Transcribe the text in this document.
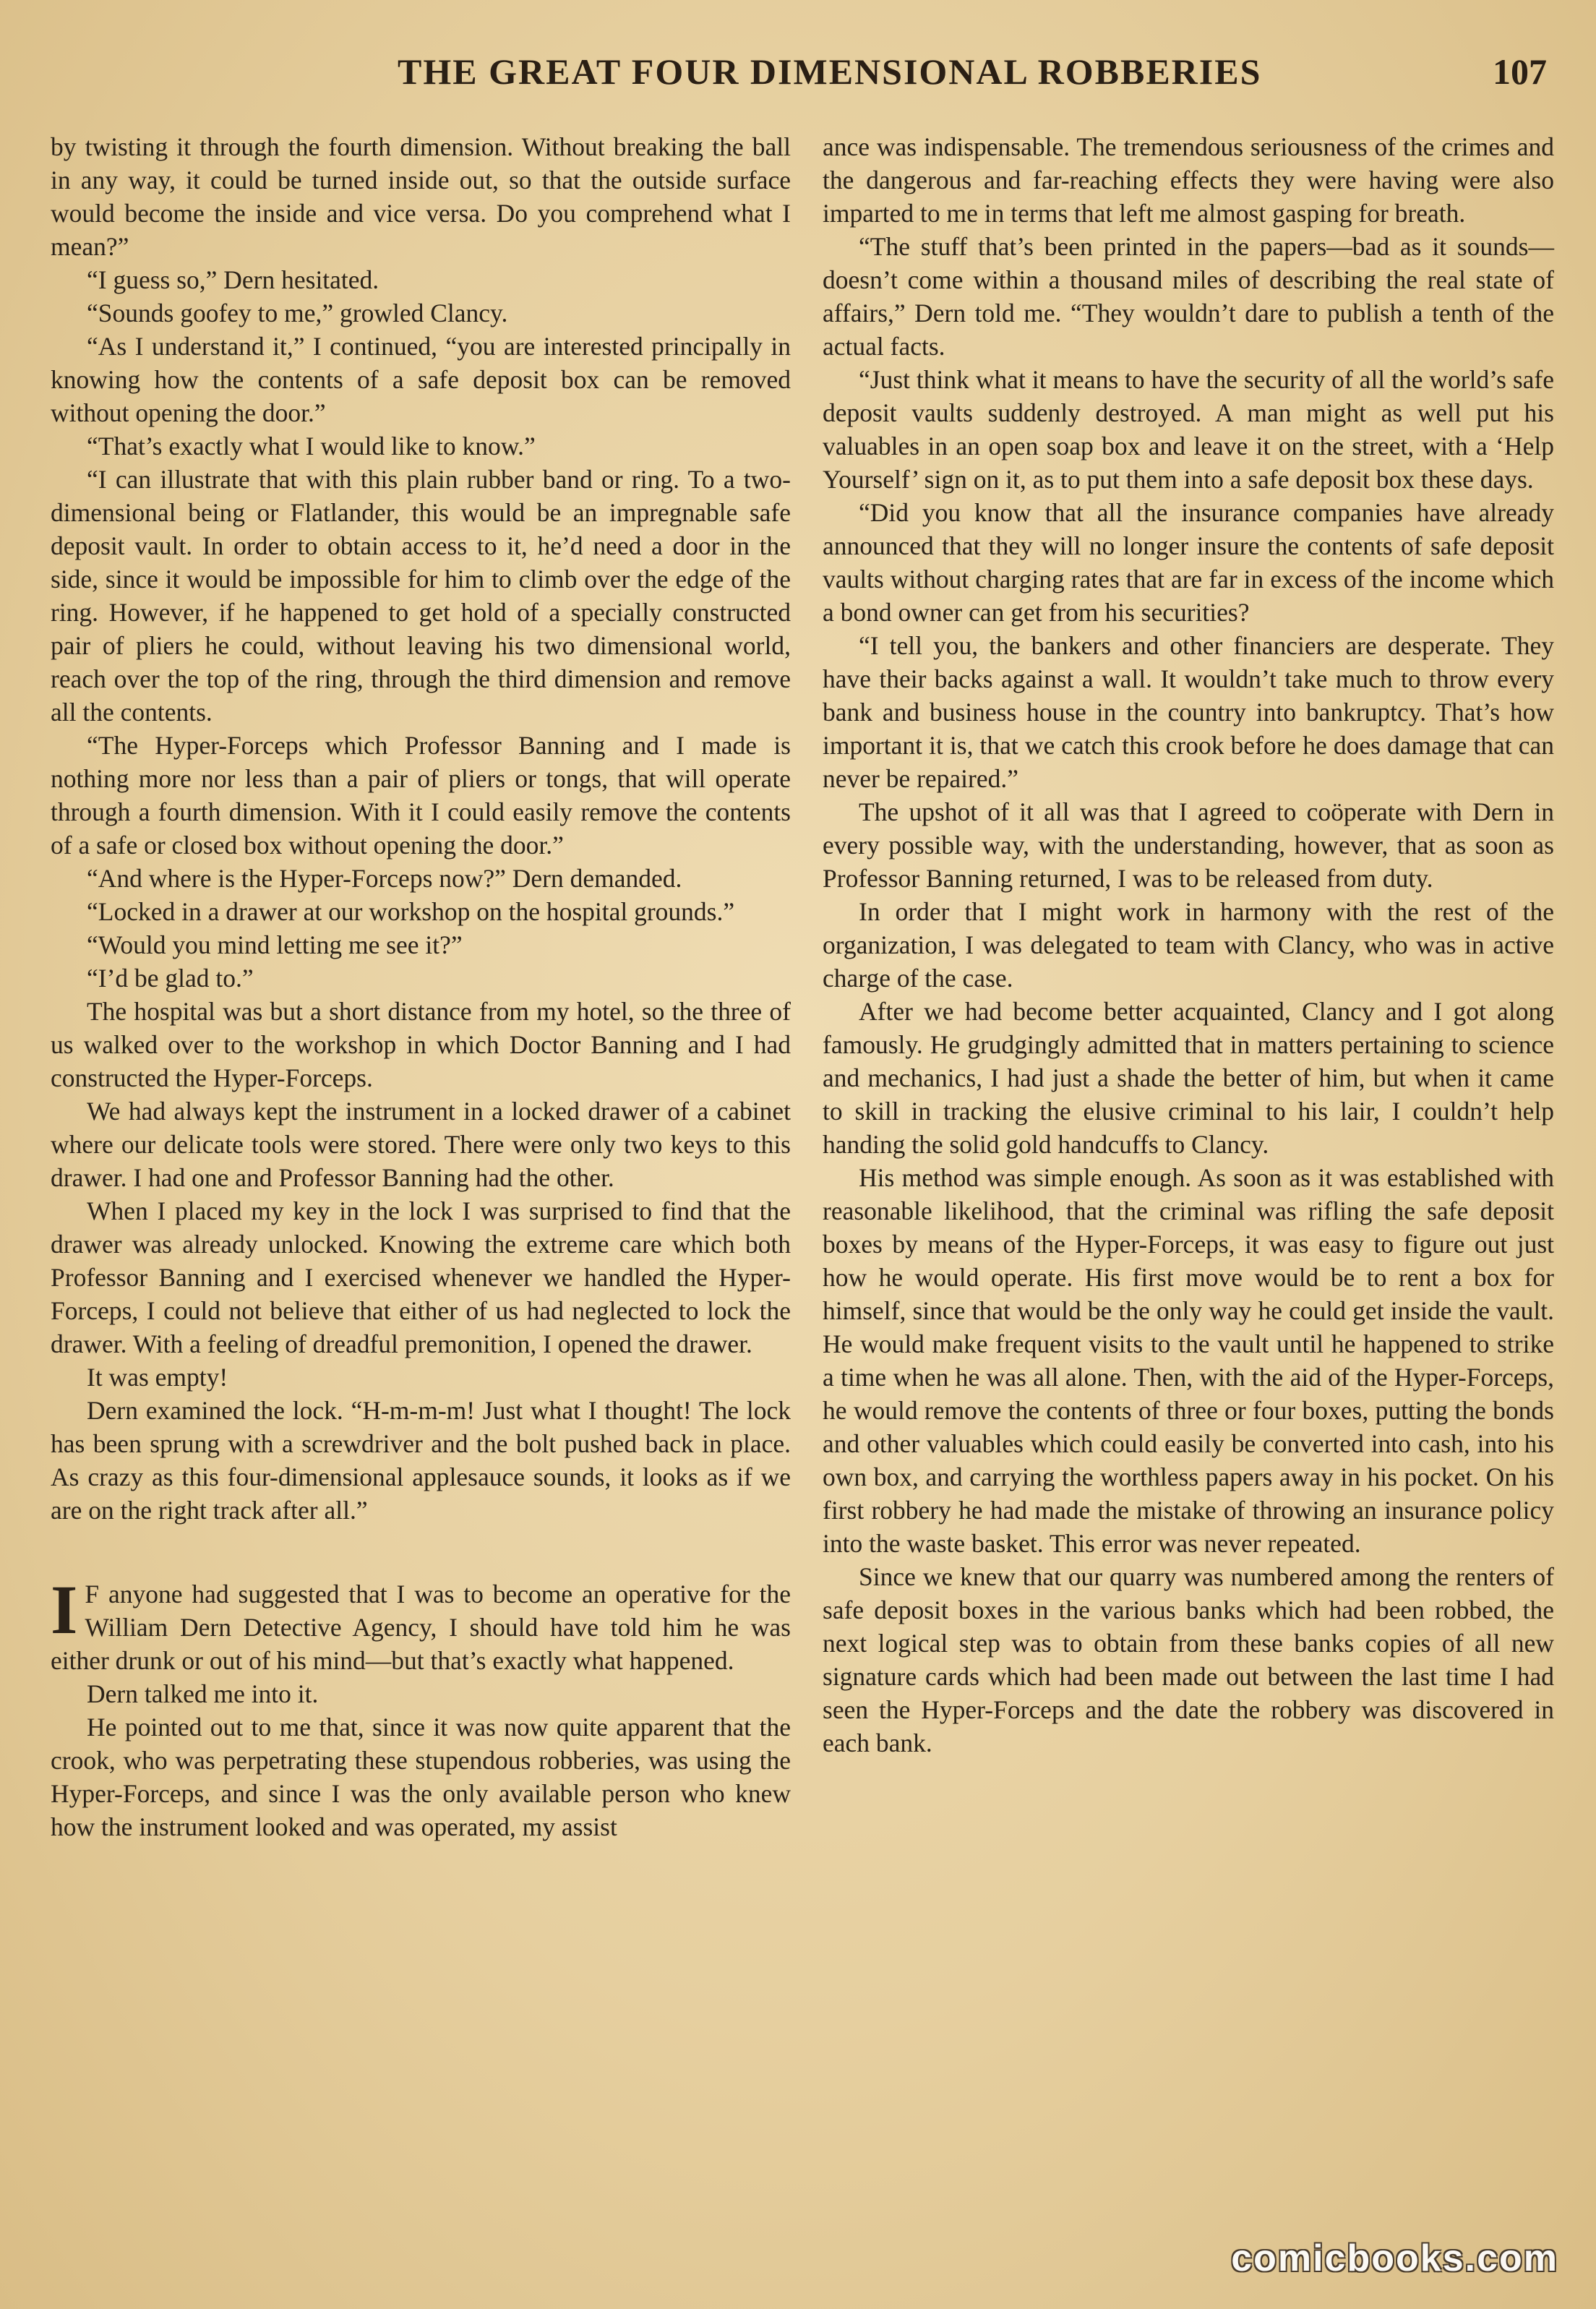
THE GREAT FOUR DIMENSIONAL ROBBERIES	107

by twisting it through the fourth dimension. Without breaking the ball in any way, it could be turned inside out, so that the outside surface would become the inside and vice versa. Do you comprehend what I mean?”

“I guess so,” Dern hesitated.

“Sounds goofey to me,” growled Clancy.

“As I understand it,” I continued, “you are interested principally in knowing how the contents of a safe deposit box can be removed without opening the door.”

“That’s exactly what I would like to know.”

“I can illustrate that with this plain rubber band or ring. To a two-dimensional being or Flatlander, this would be an impregnable safe deposit vault. In order to obtain access to it, he’d need a door in the side, since it would be impossible for him to climb over the edge of the ring. However, if he happened to get hold of a specially constructed pair of pliers he could, without leaving his two dimensional world, reach over the top of the ring, through the third dimension and remove all the contents.

“The Hyper-Forceps which Professor Banning and I made is nothing more nor less than a pair of pliers or tongs, that will operate through a fourth dimension. With it I could easily remove the contents of a safe or closed box without opening the door.”

“And where is the Hyper-Forceps now?” Dern demanded.

“Locked in a drawer at our workshop on the hospital grounds.”

“Would you mind letting me see it?”

“I’d be glad to.”

The hospital was but a short distance from my hotel, so the three of us walked over to the workshop in which Doctor Banning and I had constructed the Hyper-Forceps.

We had always kept the instrument in a locked drawer of a cabinet where our delicate tools were stored. There were only two keys to this drawer. I had one and Professor Banning had the other.

When I placed my key in the lock I was surprised to find that the drawer was already unlocked. Knowing the extreme care which both Professor Banning and I exercised whenever we handled the Hyper-Forceps, I could not believe that either of us had neglected to lock the drawer. With a feeling of dreadful premonition, I opened the drawer.

It was empty!

Dern examined the lock. “H-m-m-m! Just what I thought! The lock has been sprung with a screwdriver and the bolt pushed back in place. As crazy as this four-dimensional applesauce sounds, it looks as if we are on the right track after all.”

I F anyone had suggested that I was to become an operative for the William Dern Detective Agency, I should have told him he was either drunk or out of his mind—but that’s exactly what happened.

Dern talked me into it.

He pointed out to me that, since it was now quite apparent that the crook, who was perpetrating these stupendous robberies, was using the Hyper-Forceps, and since I was the only available person who knew how the instrument looked and was operated, my assist

ance was indispensable. The tremendous seriousness of the crimes and the dangerous and far-reaching effects they were having were also imparted to me in terms that left me almost gasping for breath.

“The stuff that’s been printed in the papers—bad as it sounds—doesn’t come within a thousand miles of describing the real state of affairs,” Dern told me. “They wouldn’t dare to publish a tenth of the actual facts.

“Just think what it means to have the security of all the world’s safe deposit vaults suddenly destroyed. A man might as well put his valuables in an open soap box and leave it on the street, with a ‘Help Yourself’ sign on it, as to put them into a safe deposit box these days.

“Did you know that all the insurance companies have already announced that they will no longer insure the contents of safe deposit vaults without charging rates that are far in excess of the income which a bond owner can get from his securities?

“I tell you, the bankers and other financiers are desperate. They have their backs against a wall. It wouldn’t take much to throw every bank and business house in the country into bankruptcy. That’s how important it is, that we catch this crook before he does damage that can never be repaired.”

The upshot of it all was that I agreed to coöperate with Dern in every possible way, with the understanding, however, that as soon as Professor Banning returned, I was to be released from duty.

In order that I might work in harmony with the rest of the organization, I was delegated to team with Clancy, who was in active charge of the case.

After we had become better acquainted, Clancy and I got along famously. He grudgingly admitted that in matters pertaining to science and mechanics, I had just a shade the better of him, but when it came to skill in tracking the elusive criminal to his lair, I couldn’t help handing the solid gold handcuffs to Clancy.

His method was simple enough. As soon as it was established with reasonable likelihood, that the criminal was rifling the safe deposit boxes by means of the Hyper-Forceps, it was easy to figure out just how he would operate. His first move would be to rent a box for himself, since that would be the only way he could get inside the vault. He would make frequent visits to the vault until he happened to strike a time when he was all alone. Then, with the aid of the Hyper-Forceps, he would remove the contents of three or four boxes, putting the bonds and other valuables which could easily be converted into cash, into his own box, and carrying the worthless papers away in his pocket. On his first robbery he had made the mistake of throwing an insurance policy into the waste basket. This error was never repeated.

Since we knew that our quarry was numbered among the renters of safe deposit boxes in the various banks which had been robbed, the next logical step was to obtain from these banks copies of all new signature cards which had been made out between the last time I had seen the Hyper-Forceps and the date the robbery was discovered in each bank.

comicbooks.com
